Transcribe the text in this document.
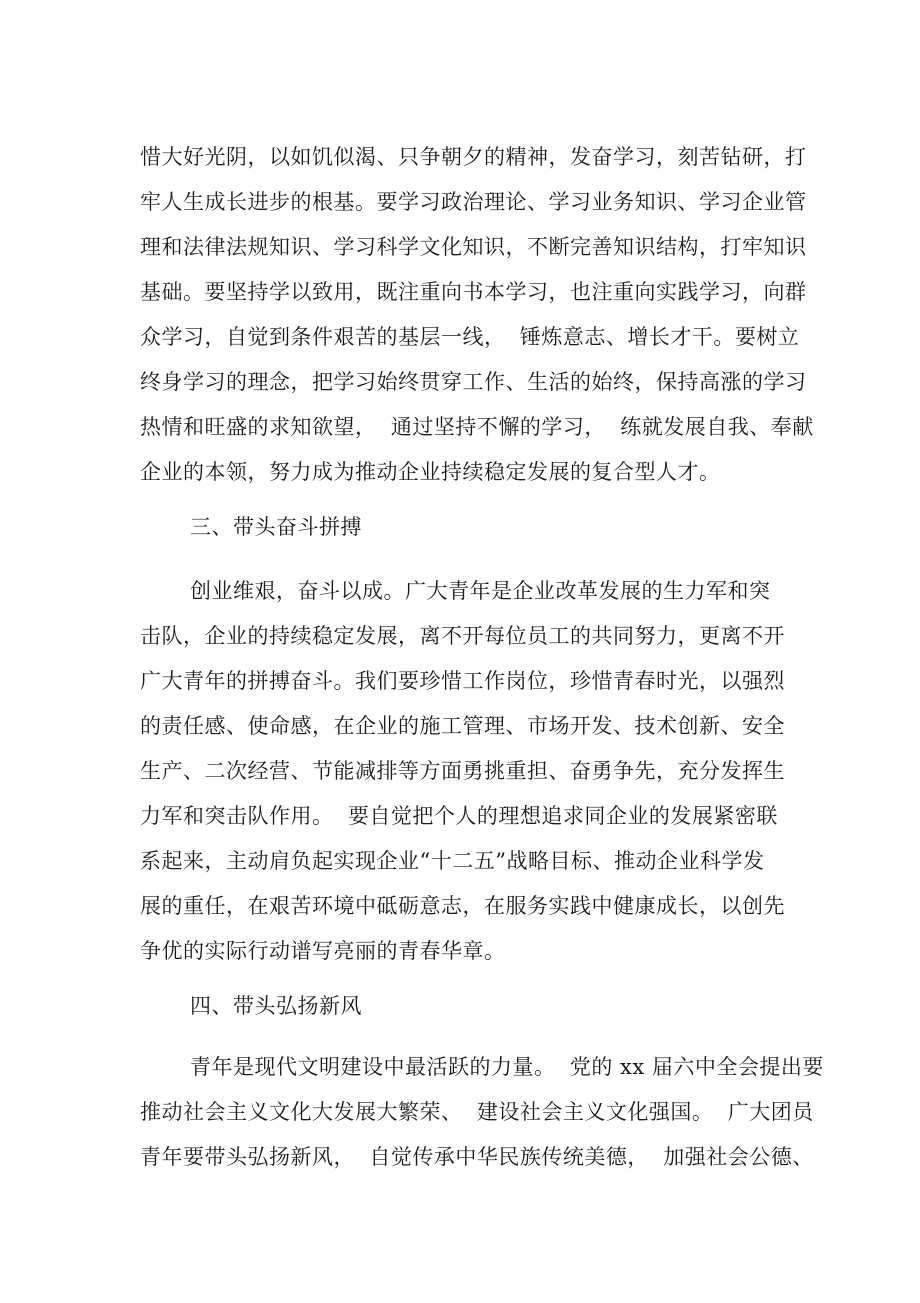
惜大好光阴，以如饥似渴、只争朝夕的精神，发奋学习，刻苦钻研，打
牢人生成长进步的根基。要学习政治理论、学习业务知识、学习企业管
理和法律法规知识、学习科学文化知识，不断完善知识结构，打牢知识
基础。要坚持学以致用，既注重向书本学习，也注重向实践学习，向群
众学习，自觉到条件艰苦的基层一线，  锤炼意志、增长才干。要树立
终身学习的理念，把学习始终贯穿工作、生活的始终，保持高涨的学习
热情和旺盛的求知欲望，  通过坚持不懈的学习，  练就发展自我、奉献
企业的本领，努力成为推动企业持续稳定发展的复合型人才。
三、带头奋斗拼搏
创业维艰，奋斗以成。广大青年是企业改革发展的生力军和突
击队，企业的持续稳定发展，离不开每位员工的共同努力，更离不开
广大青年的拼搏奋斗。我们要珍惜工作岗位，珍惜青春时光，以强烈
的责任感、使命感，在企业的施工管理、市场开发、技术创新、安全
生产、二次经营、节能减排等方面勇挑重担、奋勇争先，充分发挥生
力军和突击队作用。  要自觉把个人的理想追求同企业的发展紧密联
系起来，主动肩负起实现企业“十二五”战略目标、推动企业科学发
展的重任，在艰苦环境中砥砺意志，在服务实践中健康成长，以创先
争优的实际行动谱写亮丽的青春华章。
四、带头弘扬新风
青年是现代文明建设中最活跃的力量。  党的 xx 届六中全会提出要
推动社会主义文化大发展大繁荣、  建设社会主义文化强国。  广大团员
青年要带头弘扬新风，  自觉传承中华民族传统美德，  加强社会公德、
